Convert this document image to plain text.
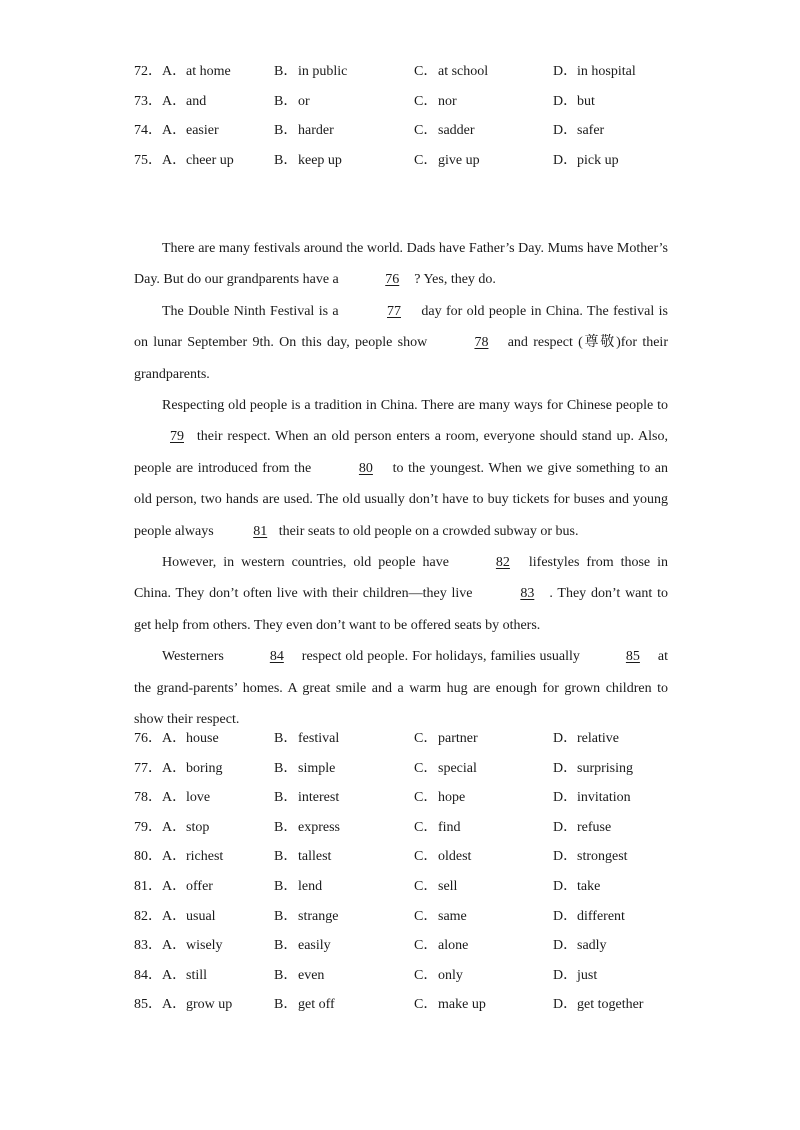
72． A．at home	B．in public	C．at school	D．in hospital
73． A．and	B．or	C．nor	D．but
74． A．easier	B．harder	C．sadder	D．safer
75． A．cheer up	B．keep up	C．give up	D．pick up

There are many festivals around the world. Dads have Father’s Day. Mums have Mother’s Day. But do our grandparents have a	76 ? Yes, they do.

The Double Ninth Festival is a	77 day for old people in China. The festival is on lunar September 9th. On this day, people show	78 and respect (尊敬)for their grandparents.

Respecting old people is a tradition in China. There are many ways for Chinese people to 79 their respect. When an old person enters a room, everyone should stand up. Also, people are introduced from the	80 to the youngest. When we give something to an old person, two hands are used. The old usually don’t have to buy tickets for buses and young people always	81 their seats to old people on a crowded subway or bus.

However, in western countries, old people have	82 lifestyles from those in China. They don’t often live with their children—they live	83 . They don’t want to get help from others. They even don’t want to be offered seats by others.

Westerners	84 respect old people. For holidays, families usually	85 at the grand-parents’ homes. A great smile and a warm hug are enough for grown children to show their respect.

76． A．house	B．festival	C．partner	D．relative
77． A．boring	B．simple	C．special	D．surprising
78． A．love	B．interest	C．hope	D．invitation
79． A．stop	B．express	C．find	D．refuse
80． A．richest	B．tallest	C．oldest	D．strongest
81． A．offer	B．lend	C．sell	D．take
82． A．usual	B．strange	C．same	D．different
83． A．wisely	B．easily	C．alone	D．sadly
84． A．still	B．even	C．only	D．just
85． A．grow up	B．get off	C．make up	D．get together
